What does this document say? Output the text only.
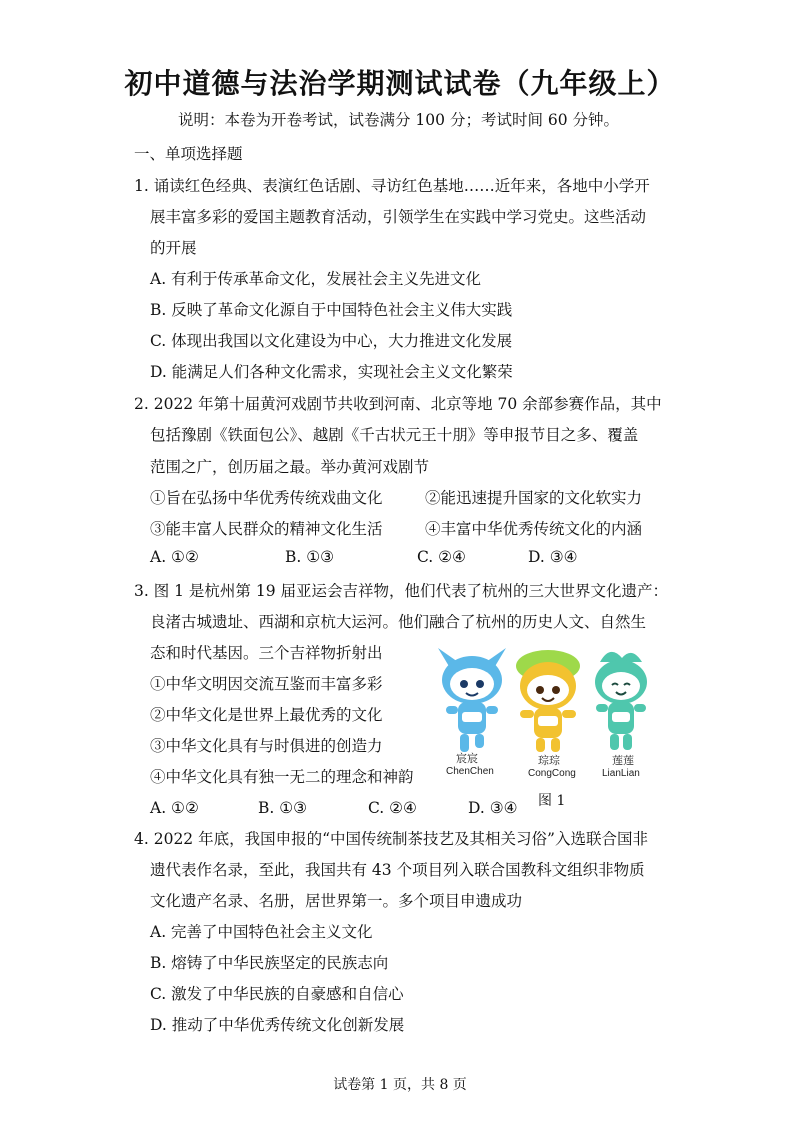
初中道德与法治学期测试试卷（九年级上）
说明：本卷为开卷考试，试卷满分 100 分；考试时间 60 分钟。
一、单项选择题
1. 诵读红色经典、表演红色话剧、寻访红色基地……近年来，各地中小学开
展丰富多彩的爱国主题教育活动，引领学生在实践中学习党史。这些活动
的开展
A. 有利于传承革命文化，发展社会主义先进文化
B. 反映了革命文化源自于中国特色社会主义伟大实践
C. 体现出我国以文化建设为中心，大力推进文化发展
D. 能满足人们各种文化需求，实现社会主义文化繁荣
2. 2022 年第十届黄河戏剧节共收到河南、北京等地 70 余部参赛作品，其中
包括豫剧《铁面包公》、越剧《千古状元王十朋》等申报节目之多、覆盖
范围之广，创历届之最。举办黄河戏剧节
①旨在弘扬中华优秀传统戏曲文化	②能迅速提升国家的文化软实力
③能丰富人民群众的精神文化生活	④丰富中华优秀传统文化的内涵
A. ①②	B. ①③	C. ②④	D. ③④
3. 图 1 是杭州第 19 届亚运会吉祥物，他们代表了杭州的三大世界文化遗产：
良渚古城遗址、西湖和京杭大运河。他们融合了杭州的历史人文、自然生
态和时代基因。三个吉祥物折射出
①中华文明因交流互鉴而丰富多彩
②中华文化是世界上最优秀的文化
③中华文化具有与时俱进的创造力
④中华文化具有独一无二的理念和神韵
A. ①②	B. ①③	C. ②④	D. ③④
宸宸
ChenChen
琮琮
CongCong
莲莲
LianLian
图 1
4. 2022 年底，我国申报的“中国传统制茶技艺及其相关习俗”入选联合国非
遗代表作名录，至此，我国共有 43 个项目列入联合国教科文组织非物质
文化遗产名录、名册，居世界第一。多个项目申遗成功
A. 完善了中国特色社会主义文化
B. 熔铸了中华民族坚定的民族志向
C. 激发了中华民族的自豪感和自信心
D. 推动了中华优秀传统文化创新发展
试卷第 1 页，共 8 页
